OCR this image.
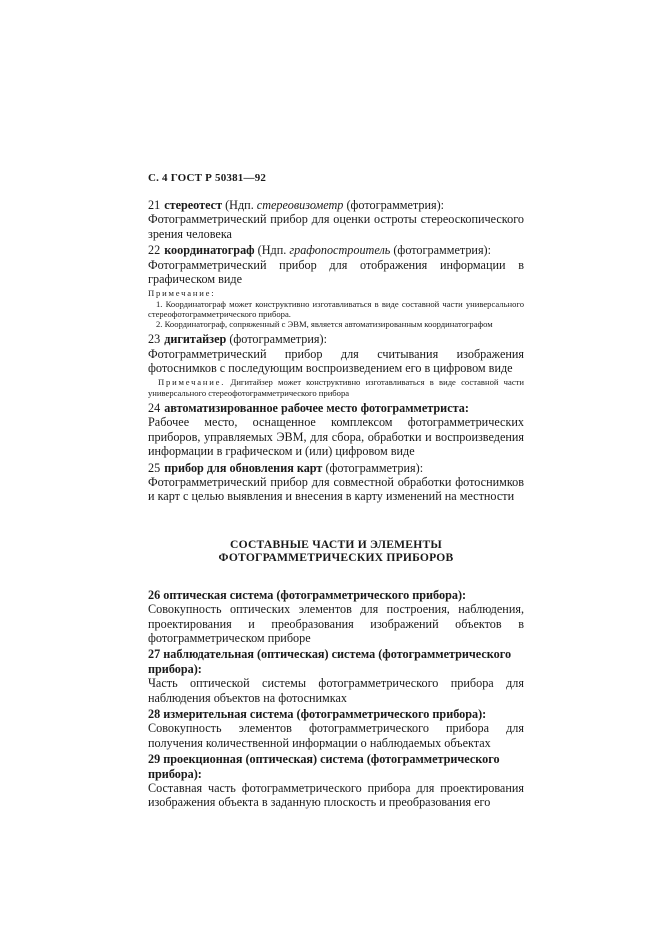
С. 4 ГОСТ Р 50381—92
21 стереотест (Ндп. стереовизометр (фотограмметрия):
Фотограмметрический прибор для оценки остроты стереоскопического зрения человека
22 координатограф (Ндп. графопостроитель (фотограмметрия):
Фотограмметрический прибор для отображения информации в графическом виде
Примечание:
1. Координатограф может конструктивно изготавливаться в виде составной части универсального стереофотограмметрического прибора.
2. Координатограф, сопряженный с ЭВМ, является автоматизированным координатографом
23 дигитайзер (фотограмметрия):
Фотограмметрический прибор для считывания изображения фотоснимков с последующим воспроизведением его в цифровом виде
Примечание. Дигитайзер может конструктивно изготавливаться в виде составной части универсального стереофотограмметрического прибора
24 автоматизированное рабочее место фотограмметриста:
Рабочее место, оснащенное комплексом фотограмметрических приборов, управляемых ЭВМ, для сбора, обработки и воспроизведения информации в графическом и (или) цифровом виде
25 прибор для обновления карт (фотограмметрия):
Фотограмметрический прибор для совместной обработки фотоснимков и карт с целью выявления и внесения в карту изменений на местности
СОСТАВНЫЕ ЧАСТИ И ЭЛЕМЕНТЫ ФОТОГРАММЕТРИЧЕСКИХ ПРИБОРОВ
26 оптическая система (фотограмметрического прибора):
Совокупность оптических элементов для построения, наблюдения, проектирования и преобразования изображений объектов в фотограмметрическом приборе
27 наблюдательная (оптическая) система (фотограмметрического прибора):
Часть оптической системы фотограмметрического прибора для наблюдения объектов на фотоснимках
28 измерительная система (фотограмметрического прибора):
Совокупность элементов фотограмметрического прибора для получения количественной информации о наблюдаемых объектах
29 проекционная (оптическая) система (фотограмметрического прибора):
Составная часть фотограмметрического прибора для проектирования изображения объекта в заданную плоскость и преобразования его
